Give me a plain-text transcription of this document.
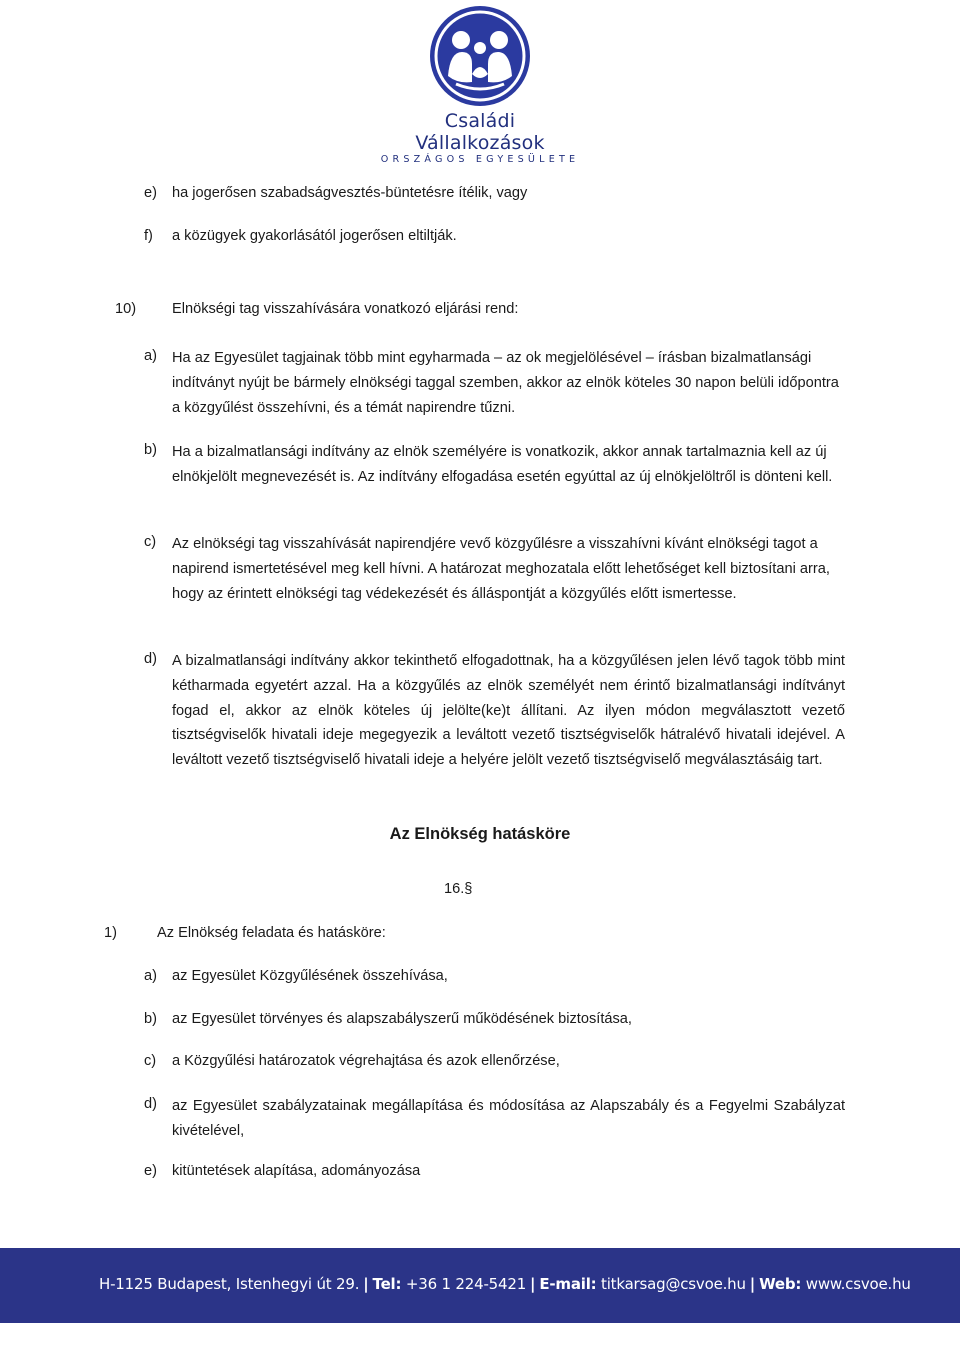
Családi Vállalkozások
ORSZÁGOS EGYESÜLETE
e) ha jogerősen szabadságvesztés-büntetésre ítélik, vagy
f) a közügyek gyakorlásától jogerősen eltiltják.
10) Elnökségi tag visszahívására vonatkozó eljárási rend:
a) Ha az Egyesület tagjainak több mint egyharmada – az ok megjelölésével – írásban bizalmatlansági indítványt nyújt be bármely elnökségi taggal szemben, akkor az elnök köteles 30 napon belüli időpontra a közgyűlést összehívni, és a témát napirendre tűzni.
b) Ha a bizalmatlansági indítvány az elnök személyére is vonatkozik, akkor annak tartalmaznia kell az új elnökjelölt megnevezését is. Az indítvány elfogadása esetén egyúttal az új elnökjelöltről is dönteni kell.
c) Az elnökségi tag visszahívását napirendjére vevő közgyűlésre a visszahívni kívánt elnökségi tagot a napirend ismertetésével meg kell hívni. A határozat meghozatala előtt lehetőséget kell biztosítani arra, hogy az érintett elnökségi tag védekezését és álláspontját a közgyűlés előtt ismertesse.
d) A bizalmatlansági indítvány akkor tekinthető elfogadottnak, ha a közgyűlésen jelen lévő tagok több mint kétharmada egyetért azzal. Ha a közgyűlés az elnök személyét nem érintő bizalmatlansági indítványt fogad el, akkor az elnök köteles új jelölte(ke)t állítani. Az ilyen módon megválasztott vezető tisztségviselők hivatali ideje megegyezik a leváltott vezető tisztségviselők hátralévő hivatali idejével. A leváltott vezető tisztségviselő hivatali ideje a helyére jelölt vezető tisztségviselő megválasztásáig tart.
Az Elnökség hatásköre
16.§
1)	Az Elnökség feladata és hatásköre:
a) az Egyesület Közgyűlésének összehívása,
b) az Egyesület törvényes és alapszabályszerű működésének biztosítása,
c) a Közgyűlési határozatok végrehajtása és azok ellenőrzése,
d) az Egyesület szabályzatainak megállapítása és módosítása az Alapszabály és a Fegyelmi Szabályzat kivételével,
e) kitüntetések alapítása, adományozása
H-1125 Budapest, Istenhegyi út 29. | Tel: +36 1 224-5421 | E-mail: titkarsag@csvoe.hu | Web: www.csvoe.hu
